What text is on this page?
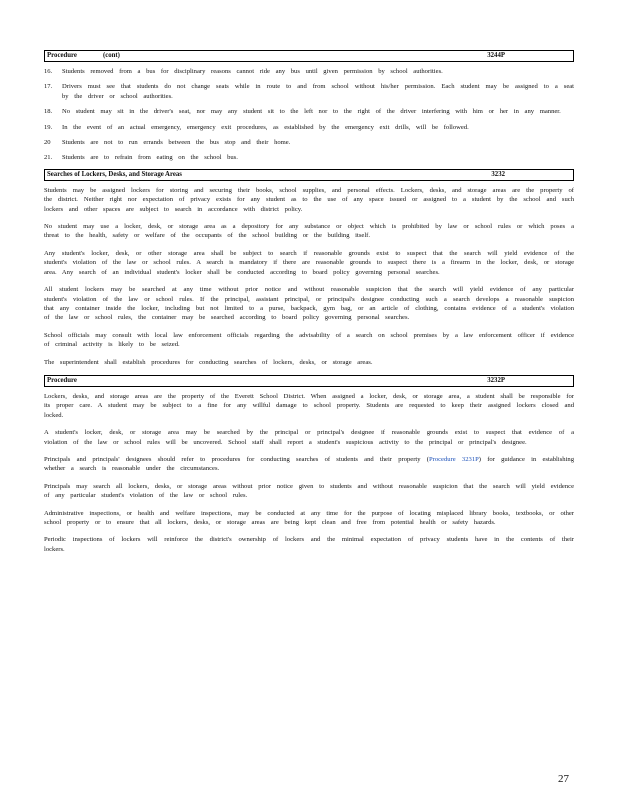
Procedure	(cont)	3244P
16.	Students removed from a bus for disciplinary reasons cannot ride any bus until given permission by school authorities.
17.	Drivers must see that students do not change seats while in route to and from school without his/her permission. Each student may be assigned to a seat by the driver or school authorities.
18.	No student may sit in the driver's seat, nor may any student sit to the left nor to the right of the driver interfering with him or her in any manner.
19.	In the event of an actual emergency, emergency exit procedures, as established by the emergency exit drills, will be followed.
20	Students are not to run errands between the bus stop and their home.
21.	Students are to refrain from eating on the school bus.
Searches of Lockers, Desks, and Storage Areas	3232
Students may be assigned lockers for storing and securing their books, school supplies, and personal effects. Lockers, desks, and storage areas are the property of the district. Neither right nor expectation of privacy exists for any student as to the use of any space issued or assigned to a student by the school and such lockers and other spaces are subject to search in accordance with district policy.
No student may use a locker, desk, or storage area as a depository for any substance or object which is prohibited by law or school rules or which poses a threat to the health, safety or welfare of the occupants of the school building or the building itself.
Any student's locker, desk, or other storage area shall be subject to search if reasonable grounds exist to suspect that the search will yield evidence of the student's violation of the law or school rules. A search is mandatory if there are reasonable grounds to suspect there is a firearm in the locker, desk, or storage area. Any search of an individual student's locker shall be conducted according to board policy governing personal searches.
All student lockers may be searched at any time without prior notice and without reasonable suspicion that the search will yield evidence of any particular student's violation of the law or school rules. If the principal, assistant principal, or principal's designee conducting such a search develops a reasonable suspicion that any container inside the locker, including but not limited to a purse, backpack, gym bag, or an article of clothing, contains evidence of a student's violation of the law or school rules, the container may be searched according to board policy governing personal searches.
School officials may consult with local law enforcement officials regarding the advisability of a search on school premises by a law enforcement officer if evidence of criminal activity is likely to be seized.
The superintendent shall establish procedures for conducting searches of lockers, desks, or storage areas.
Procedure	3232P
Lockers, desks, and storage areas are the property of the Everett School District. When assigned a locker, desk, or storage area, a student shall be responsible for its proper care. A student may be subject to a fine for any willful damage to school property. Students are requested to keep their assigned lockers closed and locked.
A student's locker, desk, or storage area may be searched by the principal or principal's designee if reasonable grounds exist to suspect that evidence of a violation of the law or school rules will be uncovered. School staff shall report a student's suspicious activity to the principal or principal's designee.
Principals and principals' designees should refer to procedures for conducting searches of students and their property (Procedure 3231P) for guidance in establishing whether a search is reasonable under the circumstances.
Principals may search all lockers, desks, or storage areas without prior notice given to students and without reasonable suspicion that the search will yield evidence of any particular student's violation of the law or school rules.
Administrative inspections, or health and welfare inspections, may be conducted at any time for the purpose of locating misplaced library books, textbooks, or other school property or to ensure that all lockers, desks, or storage areas are being kept clean and free from potential health or safety hazards.
Periodic inspections of lockers will reinforce the district's ownership of lockers and the minimal expectation of privacy students have in the contents of their lockers.
27
